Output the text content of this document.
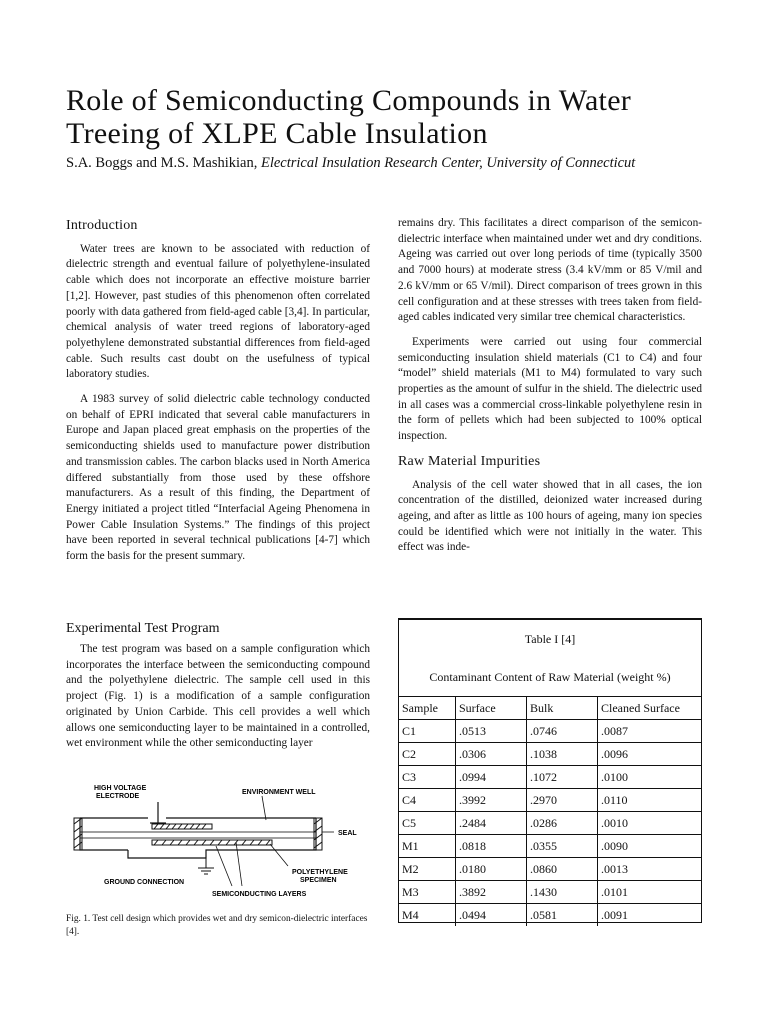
Role of Semiconducting Compounds in Water
Treeing of XLPE Cable Insulation
S.A. Boggs and M.S. Mashikian, Electrical Insulation Research Center, University of Connecticut
Introduction

Water trees are known to be associated with reduction of dielectric strength and eventual failure of polyethylene-insulated cable which does not incorporate an effective moisture barrier [1,2]. However, past studies of this phenomenon often correlated poorly with data gathered from field-aged cable [3,4]. In particular, chemical analysis of water treed regions of laboratory-aged polyethylene demonstrated substantial differences from field-aged cable. Such results cast doubt on the usefulness of typical laboratory studies.

A 1983 survey of solid dielectric cable technology conducted on behalf of EPRI indicated that several cable manufacturers in Europe and Japan placed great emphasis on the properties of the semiconducting shields used to manufacture power distribution and transmission cables. The carbon blacks used in North America differed substantially from those used by these offshore manufacturers. As a result of this finding, the Department of Energy initiated a project titled “Interfacial Ageing Phenomena in Power Cable Insulation Systems.” The findings of this project have been reported in several technical publications [4-7] which form the basis for the present summary.

Experimental Test Program

The test program was based on a sample configuration which incorporates the interface between the semiconducting compound and the polyethylene dielectric. The sample cell used in this project (Fig. 1) is a modification of a sample configuration originated by Union Carbide. This cell provides a well which allows one semiconducting layer to be maintained in a controlled, wet environment while the other semiconducting layer

HIGH VOLTAGE
ELECTRODE
ENVIRONMENT WELL
SEAL
GROUND CONNECTION
POLYETHYLENE
SPECIMEN
SEMICONDUCTING LAYERS
Fig. 1. Test cell design which provides wet and dry semicon-dielectric interfaces [4].

remains dry. This facilitates a direct comparison of the semicon-dielectric interface when maintained under wet and dry conditions. Ageing was carried out over long periods of time (typically 3500 and 7000 hours) at moderate stress (3.4 kV/mm or 85 V/mil and 2.6 kV/mm or 65 V/mil). Direct comparison of trees grown in this cell configuration and at these stresses with trees taken from field-aged cables indicated very similar tree chemical characteristics.

Experiments were carried out using four commercial semiconducting insulation shield materials (C1 to C4) and four “model” shield materials (M1 to M4) formulated to vary such properties as the amount of sulfur in the shield. The dielectric used in all cases was a commercial cross-linkable polyethylene resin in the form of pellets which had been subjected to 100% optical inspection.

Raw Material Impurities

Analysis of the cell water showed that in all cases, the ion concentration of the distilled, deionized water increased during ageing, and after as little as 100 hours of ageing, many ion species could be identified which were not initially in the water. This effect was inde-

Table I [4]
Contaminant Content of Raw Material (weight %)
Sample	Surface	Bulk	Cleaned Surface
C1	.0513	.0746	.0087
C2	.0306	.1038	.0096
C3	.0994	.1072	.0100
C4	.3992	.2970	.0110
C5	.2484	.0286	.0010
M1	.0818	.0355	.0090
M2	.0180	.0860	.0013
M3	.3892	.1430	.0101
M4	.0494	.0581	.0091
